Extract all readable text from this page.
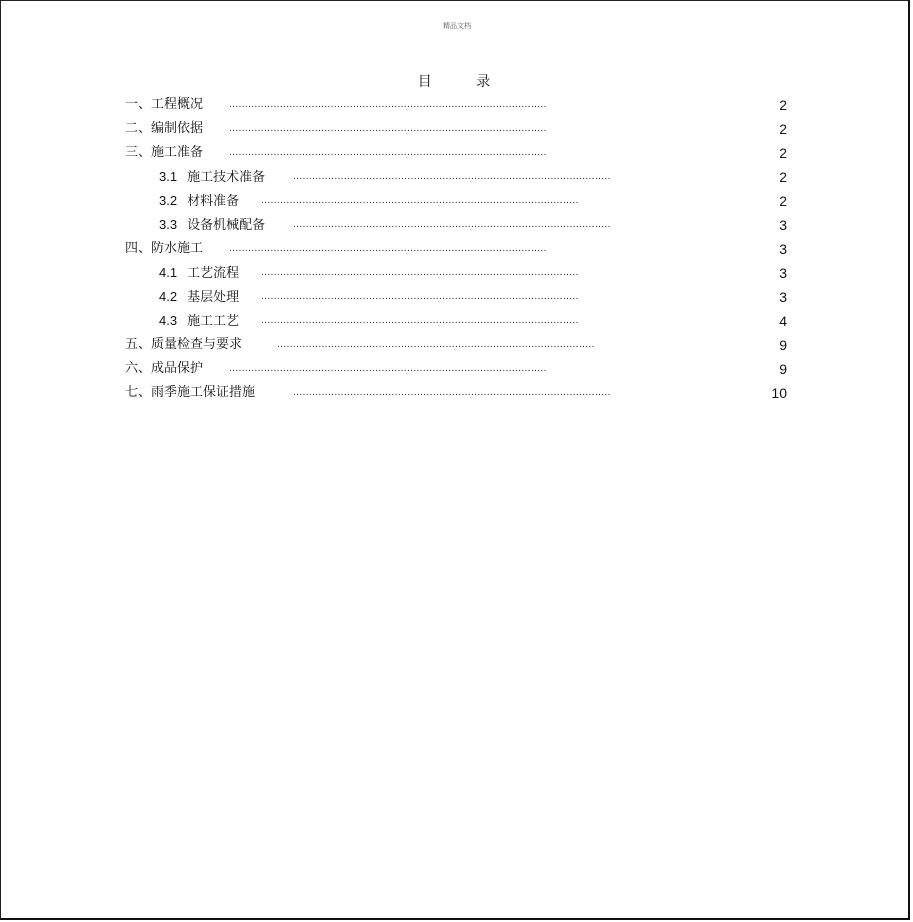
精品文档
目 录
一、工程概况	....................................................................................................	2
二、编制依据	....................................................................................................	2
三、施工准备	....................................................................................................	2
3.1 施工技术准备	....................................................................................................	2
3.2 材料准备 ....................................................................................................	2
3.3 设备机械配备	....................................................................................................	3
四、防水施工	....................................................................................................	3
4.1 工艺流程 ....................................................................................................	3
4.2 基层处理 ....................................................................................................	3
4.3 施工工艺 ....................................................................................................	4
五、质量检查与要求	....................................................................................................	9
六、成品保护	....................................................................................................	9
七、雨季施工保证措施	....................................................................................................	10
